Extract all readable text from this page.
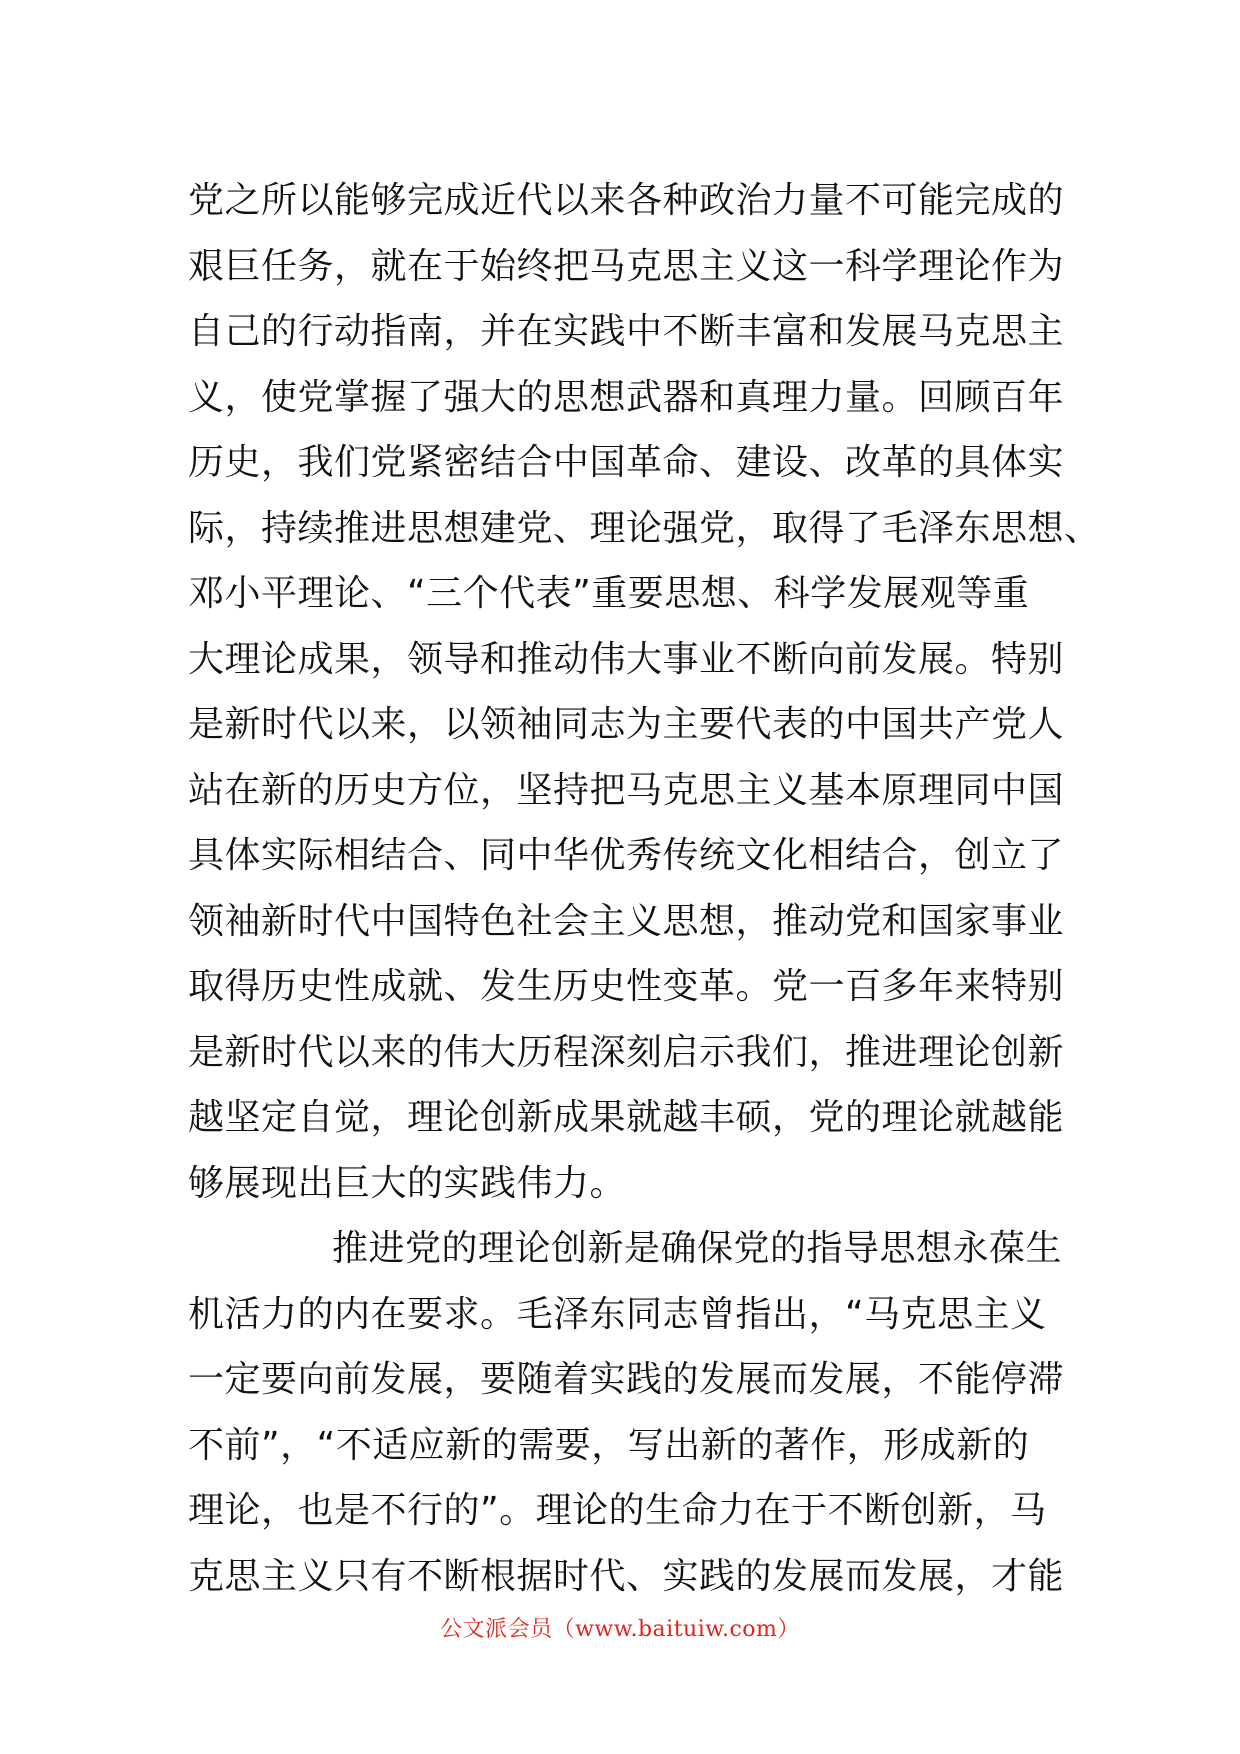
党之所以能够完成近代以来各种政治力量不可能完成的
艰巨任务，就在于始终把马克思主义这一科学理论作为
自己的行动指南，并在实践中不断丰富和发展马克思主
义，使党掌握了强大的思想武器和真理力量。回顾百年
历史，我们党紧密结合中国革命、建设、改革的具体实
际，持续推进思想建党、理论强党，取得了毛泽东思想、
邓小平理论、“三个代表”重要思想、科学发展观等重
大理论成果，领导和推动伟大事业不断向前发展。特别
是新时代以来，以领袖同志为主要代表的中国共产党人
站在新的历史方位，坚持把马克思主义基本原理同中国
具体实际相结合、同中华优秀传统文化相结合，创立了
领袖新时代中国特色社会主义思想，推动党和国家事业
取得历史性成就、发生历史性变革。党一百多年来特别
是新时代以来的伟大历程深刻启示我们，推进理论创新
越坚定自觉，理论创新成果就越丰硕，党的理论就越能
够展现出巨大的实践伟力。
推进党的理论创新是确保党的指导思想永葆生
机活力的内在要求。毛泽东同志曾指出，“马克思主义
一定要向前发展，要随着实践的发展而发展，不能停滞
不前”，“不适应新的需要，写出新的著作，形成新的
理论，也是不行的”。理论的生命力在于不断创新，马
克思主义只有不断根据时代、实践的发展而发展，才能
公文派会员（www.baituiw.com）
